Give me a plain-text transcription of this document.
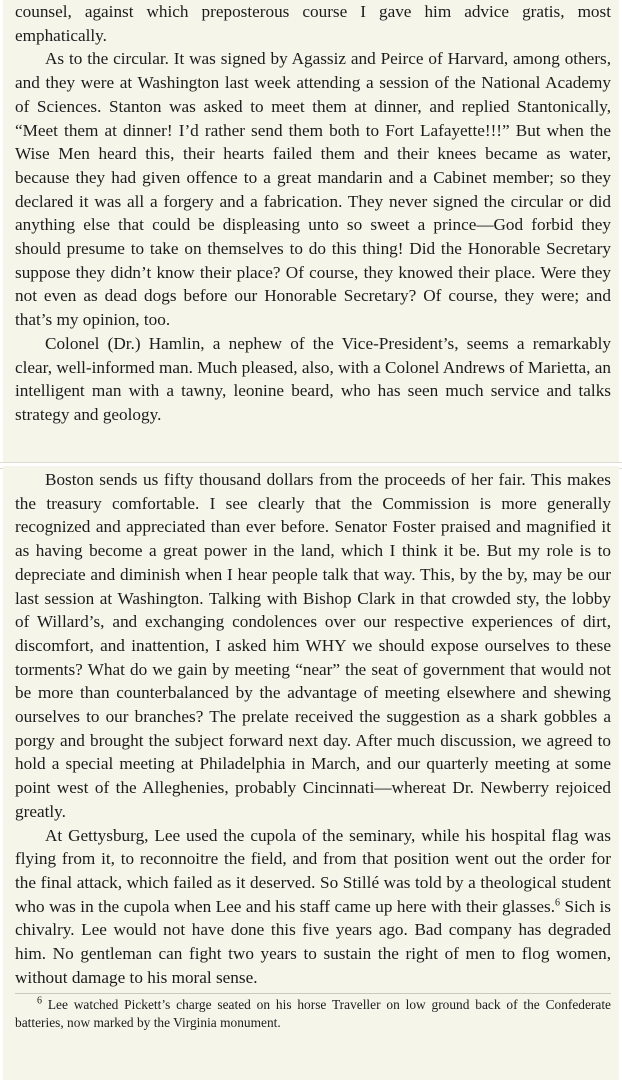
counsel, against which preposterous course I gave him advice gratis, most emphatically.

As to the circular. It was signed by Agassiz and Peirce of Harvard, among others, and they were at Washington last week attending a session of the National Academy of Sciences. Stanton was asked to meet them at dinner, and replied Stantonically, “Meet them at dinner! I’d rather send them both to Fort Lafayette!!!” But when the Wise Men heard this, their hearts failed them and their knees became as water, because they had given offence to a great mandarin and a Cabinet member; so they declared it was all a forgery and a fabrication. They never signed the circular or did anything else that could be displeasing unto so sweet a prince—God forbid they should presume to take on themselves to do this thing! Did the Honorable Secretary suppose they didn’t know their place? Of course, they knowed their place. Were they not even as dead dogs before our Honorable Secretary? Of course, they were; and that’s my opinion, too.

Colonel (Dr.) Hamlin, a nephew of the Vice-President’s, seems a remarkably clear, well-informed man. Much pleased, also, with a Colonel Andrews of Marietta, an intelligent man with a tawny, leonine beard, who has seen much service and talks strategy and geology.

Boston sends us fifty thousand dollars from the proceeds of her fair. This makes the treasury comfortable. I see clearly that the Commission is more generally recognized and appreciated than ever before. Senator Foster praised and magnified it as having become a great power in the land, which I think it be. But my role is to depreciate and diminish when I hear people talk that way. This, by the by, may be our last session at Washington. Talking with Bishop Clark in that crowded sty, the lobby of Willard’s, and exchanging condolences over our respective experiences of dirt, discomfort, and inattention, I asked him WHY we should expose ourselves to these torments? What do we gain by meeting “near” the seat of government that would not be more than counterbalanced by the advantage of meeting elsewhere and shewing ourselves to our branches? The prelate received the suggestion as a shark gobbles a porgy and brought the subject forward next day. After much discussion, we agreed to hold a special meeting at Philadelphia in March, and our quarterly meeting at some point west of the Alleghenies, probably Cincinnati—whereat Dr. Newberry rejoiced greatly.

At Gettysburg, Lee used the cupola of the seminary, while his hospital flag was flying from it, to reconnoitre the field, and from that position went out the order for the final attack, which failed as it deserved. So Stillé was told by a theological student who was in the cupola when Lee and his staff came up here with their glasses.$^6$ Sich is chivalry. Lee would not have done this five years ago. Bad company has degraded him. No gentleman can fight two years to sustain the right of men to flog women, without damage to his moral sense.

$^6$ Lee watched Pickett’s charge seated on his horse Traveller on low ground back of the Confederate batteries, now marked by the Virginia monument.
